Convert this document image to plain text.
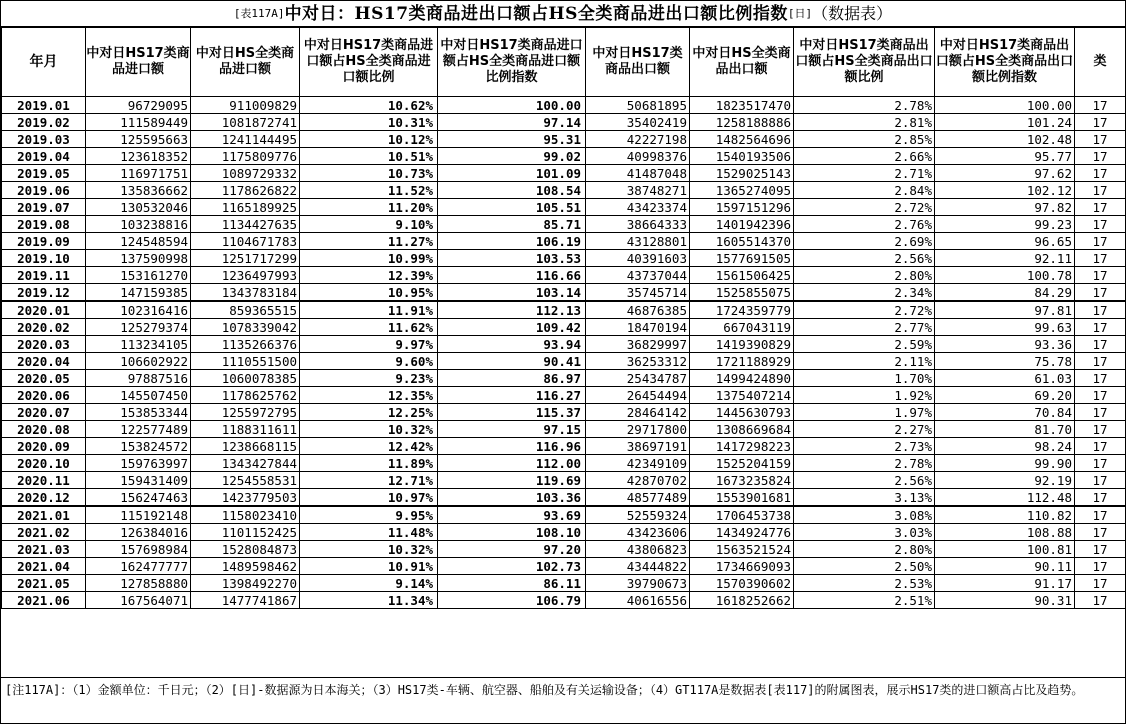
[表117A]中对日：HS17类商品进出口额占HS全类商品进出口额比例指数[日]（数据表）
年月	中对日HS17类商品进口额	中对日HS全类商品进口额	中对日HS17类商品进口额占HS全类商品进口额比例	中对日HS17类商品进口额占HS全类商品进口额比例指数	中对日HS17类商品出口额	中对日HS全类商品出口额	中对日HS17类商品出口额占HS全类商品出口额比例	中对日HS17类商品出口额占HS全类商品出口额比例指数	类
2019.01	96729095	911009829	10.62%	100.00	50681895	1823517470	2.78%	100.00	17
2019.02	111589449	1081872741	10.31%	97.14	35402419	1258188886	2.81%	101.24	17
2019.03	125595663	1241144495	10.12%	95.31	42227198	1482564696	2.85%	102.48	17
2019.04	123618352	1175809776	10.51%	99.02	40998376	1540193506	2.66%	95.77	17
2019.05	116971751	1089729332	10.73%	101.09	41487048	1529025143	2.71%	97.62	17
2019.06	135836662	1178626822	11.52%	108.54	38748271	1365274095	2.84%	102.12	17
2019.07	130532046	1165189925	11.20%	105.51	43423374	1597151296	2.72%	97.82	17
2019.08	103238816	1134427635	9.10%	85.71	38664333	1401942396	2.76%	99.23	17
2019.09	124548594	1104671783	11.27%	106.19	43128801	1605514370	2.69%	96.65	17
2019.10	137590998	1251717299	10.99%	103.53	40391603	1577691505	2.56%	92.11	17
2019.11	153161270	1236497993	12.39%	116.66	43737044	1561506425	2.80%	100.78	17
2019.12	147159385	1343783184	10.95%	103.14	35745714	1525855075	2.34%	84.29	17
2020.01	102316416	859365515	11.91%	112.13	46876385	1724359779	2.72%	97.81	17
2020.02	125279374	1078339042	11.62%	109.42	18470194	667043119	2.77%	99.63	17
2020.03	113234105	1135266376	9.97%	93.94	36829997	1419390829	2.59%	93.36	17
2020.04	106602922	1110551500	9.60%	90.41	36253312	1721188929	2.11%	75.78	17
2020.05	97887516	1060078385	9.23%	86.97	25434787	1499424890	1.70%	61.03	17
2020.06	145507450	1178625762	12.35%	116.27	26454494	1375407214	1.92%	69.20	17
2020.07	153853344	1255972795	12.25%	115.37	28464142	1445630793	1.97%	70.84	17
2020.08	122577489	1188311611	10.32%	97.15	29717800	1308669684	2.27%	81.70	17
2020.09	153824572	1238668115	12.42%	116.96	38697191	1417298223	2.73%	98.24	17
2020.10	159763997	1343427844	11.89%	112.00	42349109	1525204159	2.78%	99.90	17
2020.11	159431409	1254558531	12.71%	119.69	42870702	1673235824	2.56%	92.19	17
2020.12	156247463	1423779503	10.97%	103.36	48577489	1553901681	3.13%	112.48	17
2021.01	115192148	1158023410	9.95%	93.69	52559324	1706453738	3.08%	110.82	17
2021.02	126384016	1101152425	11.48%	108.10	43423606	1434924776	3.03%	108.88	17
2021.03	157698984	1528084873	10.32%	97.20	43806823	1563521524	2.80%	100.81	17
2021.04	162477777	1489598462	10.91%	102.73	43444822	1734669093	2.50%	90.11	17
2021.05	127858880	1398492270	9.14%	86.11	39790673	1570390602	2.53%	91.17	17
2021.06	167564071	1477741867	11.34%	106.79	40616556	1618252662	2.51%	90.31	17
[注117A]：（1）金额单位：千日元；（2）[日]-数据源为日本海关；（3）HS17类-车辆、航空器、船舶及有关运输设备；（4）GT117A是数据表[表117]的附属图表，展示HS17类的进口额高占比及趋势。
